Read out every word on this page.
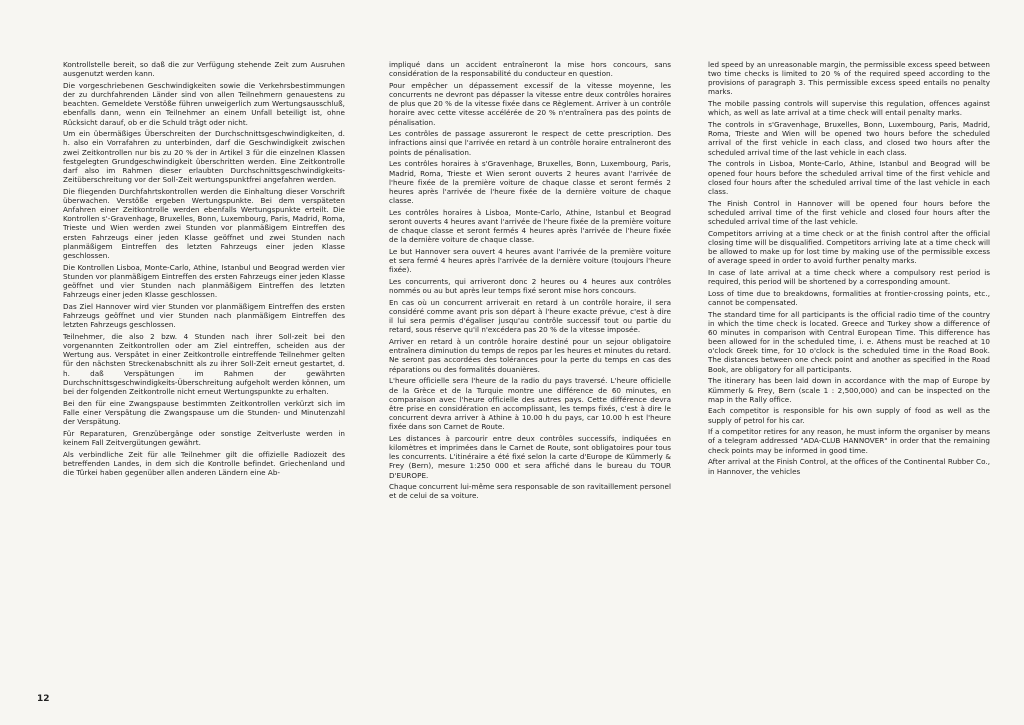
Kontrollstelle bereit, so daß die zur Verfügung stehende Zeit zum Ausruhen ausgenutzt werden kann.

Die vorgeschriebenen Geschwindigkeiten sowie die Verkehrsbestimmungen der zu durchfahrenden Länder sind von allen Teilnehmern genauestens zu beachten. Gemeldete Verstöße führen unweigerlich zum Wertungsausschluß, ebenfalls dann, wenn ein Teilnehmer an einem Unfall beteiligt ist, ohne Rücksicht darauf, ob er die Schuld trägt oder nicht.

Um ein übermäßiges Überschreiten der Durchschnittsgeschwindigkeiten, d. h. also ein Vorrafahren zu unterbinden, darf die Geschwindigkeit zwischen zwei Zeitkontrollen nur bis zu 20 % der in Artikel 3 für die einzelnen Klassen festgelegten Grundgeschwindigkeit überschritten werden. Eine Zeitkontrolle darf also im Rahmen dieser erlaubten Durchschnittsgeschwindigkeits-Zeitüberschreitung vor der Soll-Zeit wertungspunktfrei angefahren werden.

Die fliegenden Durchfahrtskontrollen werden die Einhaltung dieser Vorschrift überwachen. Verstöße ergeben Wertungspunkte. Bei dem verspäteten Anfahren einer Zeitkontrolle werden ebenfalls Wertungspunkte erteilt. Die Kontrollen s'-Gravenhage, Bruxelles, Bonn, Luxembourg, Paris, Madrid, Roma, Trieste und Wien werden zwei Stunden vor planmäßigem Eintreffen des ersten Fahrzeugs einer jeden Klasse geöffnet und zwei Stunden nach planmäßigem Eintreffen des letzten Fahrzeugs einer jeden Klasse geschlossen.

Die Kontrollen Lisboa, Monte-Carlo, Athine, Istanbul und Beograd werden vier Stunden vor planmäßigem Eintreffen des ersten Fahrzeugs einer jeden Klasse geöffnet und vier Stunden nach planmäßigem Eintreffen des letzten Fahrzeugs einer jeden Klasse geschlossen.

Das Ziel Hannover wird vier Stunden vor planmäßigem Eintreffen des ersten Fahrzeugs geöffnet und vier Stunden nach planmäßigem Eintreffen des letzten Fahrzeugs geschlossen.

Teilnehmer, die also 2 bzw. 4 Stunden nach ihrer Soll-zeit bei den vorgenannten Zeitkontrollen oder am Ziel eintreffen, scheiden aus der Wertung aus. Verspätet in einer Zeitkontrolle eintreffende Teilnehmer gelten für den nächsten Streckenabschnitt als zu ihrer Soll-Zeit erneut gestartet, d. h. daß Verspätungen im Rahmen der gewährten Durchschnittsgeschwindigkeits-Überschreitung aufgeholt werden können, um bei der folgenden Zeitkontrolle nicht erneut Wertungspunkte zu erhalten.

Bei den für eine Zwangspause bestimmten Zeitkontrollen verkürzt sich im Falle einer Verspätung die Zwangspause um die Stunden- und Minutenzahl der Verspätung.

Für Reparaturen, Grenzübergänge oder sonstige Zeitverluste werden in keinem Fall Zeitvergütungen gewährt.

Als verbindliche Zeit für alle Teilnehmer gilt die offizielle Radiozeit des betreffenden Landes, in dem sich die Kontrolle befindet. Griechenland und die Türkei haben gegenüber allen anderen Ländern eine Ab-

impliqué dans un accident entraîneront la mise hors concours, sans considération de la responsabilité du conducteur en question.

Pour empêcher un dépassement excessif de la vitesse moyenne, les concurrents ne devront pas dépasser la vitesse entre deux contrôles horaires de plus que 20 % de la vitesse fixée dans ce Règlement. Arriver à un contrôle horaire avec cette vitesse accélérée de 20 % n'entraînera pas des points de pénalisation.

Les contrôles de passage assureront le respect de cette prescription. Des infractions ainsi que l'arrivée en retard à un contrôle horaire entraîneront des points de pénalisation.

Les contrôles horaires à s'Gravenhage, Bruxelles, Bonn, Luxembourg, Paris, Madrid, Roma, Trieste et Wien seront ouverts 2 heures avant l'arrivée de l'heure fixée de la première voiture de chaque classe et seront fermés 2 heures après l'arrivée de l'heure fixée de la dernière voiture de chaque classe.

Les contrôles horaires à Lisboa, Monte-Carlo, Athine, Istanbul et Beograd seront ouverts 4 heures avant l'arrivée de l'heure fixée de la première voiture de chaque classe et seront fermés 4 heures après l'arrivée de l'heure fixée de la dernière voiture de chaque classe.

Le but Hannover sera ouvert 4 heures avant l'arrivée de la première voiture et sera fermé 4 heures après l'arrivée de la dernière voiture (toujours l'heure fixée).

Les concurrents, qui arriveront donc 2 heures ou 4 heures aux contrôles nommés ou au but après leur temps fixé seront mise hors concours.

En cas où un concurrent arriverait en retard à un contrôle horaire, il sera considéré comme avant pris son départ à l'heure exacte prévue, c'est à dire il lui sera permis d'égaliser jusqu'au contrôle successif tout ou partie du retard, sous réserve qu'il n'excédera pas 20 % de la vitesse imposée.

Arriver en retard à un contrôle horaire destiné pour un sejour obligatoire entraînera diminution du temps de repos par les heures et minutes du retard. Ne seront pas accordées des tolérances pour la perte du temps en cas des réparations ou des formalités douanières.

L'heure officielle sera l'heure de la radio du pays traversé. L'heure officielle de la Grèce et de la Turquie montre une différence de 60 minutes, en comparaison avec l'heure officielle des autres pays. Cette différence devra être prise en considération en accomplissant, les temps fixés, c'est à dire le concurrent devra arriver à Athine à 10.00 h du pays, car 10.00 h est l'heure fixée dans son Carnet de Route.

Les distances à parcourir entre deux contrôles successifs, indiquées en kilomètres et imprimées dans le Carnet de Route, sont obligatoires pour tous les concurrents. L'itinéraire a été fixé selon la carte d'Europe de Kümmerly & Frey (Bern), mesure 1:250 000 et sera affiché dans le bureau du TOUR D'EUROPE.

Chaque concurrent lui-même sera responsable de son ravitaillement personel et de celui de sa voiture.

led speed by an unreasonable margin, the permissible excess speed between two time checks is limited to 20 % of the required speed according to the provisions of paragraph 3. This permissible excess speed entails no penalty marks.

The mobile passing controls will supervise this regulation, offences against which, as well as late arrival at a time check will entail penalty marks.

The controls in s'Gravenhage, Bruxelles, Bonn, Luxembourg, Paris, Madrid, Roma, Trieste and Wien will be opened two hours before the scheduled arrival of the first vehicle in each class, and closed two hours after the scheduled arrival time of the last vehicle in each class.

The controls in Lisboa, Monte-Carlo, Athine, Istanbul and Beograd will be opened four hours before the scheduled arrival time of the first vehicle and closed four hours after the scheduled arrival time of the last vehicle in each class.

The Finish Control in Hannover will be opened four hours before the scheduled arrival time of the first vehicle and closed four hours after the scheduled arrival time of the last vehicle.

Competitors arriving at a time check or at the finish control after the official closing time will be disqualified. Competitors arriving late at a time check will be allowed to make up for lost time by making use of the permissible excess of average speed in order to avoid further penalty marks.

In case of late arrival at a time check where a compulsory rest period is required, this period will be shortened by a corresponding amount.

Loss of time due to breakdowns, formalities at frontier-crossing points, etc., cannot be compensated.

The standard time for all participants is the official radio time of the country in which the time check is located. Greece and Turkey show a difference of 60 minutes in comparison with Central European Time. This difference has been allowed for in the scheduled time, i. e. Athens must be reached at 10 o'clock Greek time, for 10 o'clock is the scheduled time in the Road Book. The distances between one check point and another as specified in the Road Book, are obligatory for all participants.

The itinerary has been laid down in accordance with the map of Europe by Kümmerly & Frey, Bern (scale 1 : 2,500,000) and can be inspected on the map in the Rally office.

Each competitor is responsible for his own supply of food as well as the supply of petrol for his car.

If a competitor retires for any reason, he must inform the organiser by means of a telegram addressed "ADA-CLUB HANNOVER" in order that the remaining check points may be informed in good time.

After arrival at the Finish Control, at the offices of the Continental Rubber Co., in Hannover, the vehicles

12
